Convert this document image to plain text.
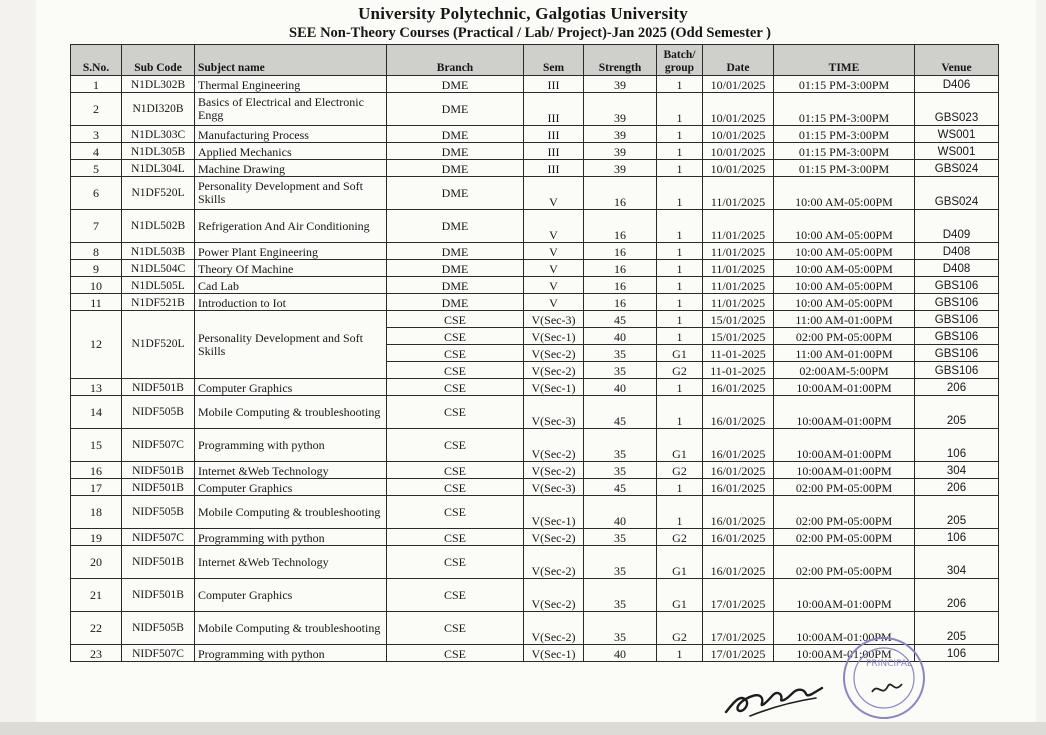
University Polytechnic, Galgotias University
SEE Non-Theory Courses (Practical / Lab/ Project)-Jan 2025 (Odd Semester )
S.No.	Sub Code	Subject name	Branch	Sem	Strength	Batch/ group	Date	TIME	Venue
1	N1DL302B	Thermal Engineering	DME	III	39	1	10/01/2025	01:15 PM-3:00PM	D406
2	N1DI320B	Basics of Electrical and Electronic Engg	DME	III	39	1	10/01/2025	01:15 PM-3:00PM	GBS023
3	N1DL303C	Manufacturing Process	DME	III	39	1	10/01/2025	01:15 PM-3:00PM	WS001
4	N1DL305B	Applied Mechanics	DME	III	39	1	10/01/2025	01:15 PM-3:00PM	WS001
5	N1DL304L	Machine Drawing	DME	III	39	1	10/01/2025	01:15 PM-3:00PM	GBS024
6	N1DF520L	Personality Development and Soft Skills	DME	V	16	1	11/01/2025	10:00 AM-05:00PM	GBS024
7	N1DL502B	Refrigeration And Air Conditioning	DME	V	16	1	11/01/2025	10:00 AM-05:00PM	D409
8	N1DL503B	Power Plant Engineering	DME	V	16	1	11/01/2025	10:00 AM-05:00PM	D408
9	N1DL504C	Theory Of Machine	DME	V	16	1	11/01/2025	10:00 AM-05:00PM	D408
10	N1DL505L	Cad Lab	DME	V	16	1	11/01/2025	10:00 AM-05:00PM	GBS106
11	N1DF521B	Introduction to Iot	DME	V	16	1	11/01/2025	10:00 AM-05:00PM	GBS106
12	N1DF520L	Personality Development and Soft Skills	CSE	V(Sec-3)	45	1	15/01/2025	11:00 AM-01:00PM	GBS106
			CSE	V(Sec-1)	40	1	15/01/2025	02:00 PM-05:00PM	GBS106
			CSE	V(Sec-2)	35	G1	11-01-2025	11:00 AM-01:00PM	GBS106
			CSE	V(Sec-2)	35	G2	11-01-2025	02:00AM-5:00PM	GBS106
13	NIDF501B	Computer Graphics	CSE	V(Sec-1)	40	1	16/01/2025	10:00AM-01:00PM	206
14	NIDF505B	Mobile Computing & troubleshooting	CSE	V(Sec-3)	45	1	16/01/2025	10:00AM-01:00PM	205
15	NIDF507C	Programming with python	CSE	V(Sec-2)	35	G1	16/01/2025	10:00AM-01:00PM	106
16	NIDF501B	Internet &Web Technology	CSE	V(Sec-2)	35	G2	16/01/2025	10:00AM-01:00PM	304
17	NIDF501B	Computer Graphics	CSE	V(Sec-3)	45	1	16/01/2025	02:00 PM-05:00PM	206
18	NIDF505B	Mobile Computing & troubleshooting	CSE	V(Sec-1)	40	1	16/01/2025	02:00 PM-05:00PM	205
19	NIDF507C	Programming with python	CSE	V(Sec-2)	35	G2	16/01/2025	02:00 PM-05:00PM	106
20	NIDF501B	Internet &Web Technology	CSE	V(Sec-2)	35	G1	16/01/2025	02:00 PM-05:00PM	304
21	NIDF501B	Computer Graphics	CSE	V(Sec-2)	35	G1	17/01/2025	10:00AM-01:00PM	206
22	NIDF505B	Mobile Computing & troubleshooting	CSE	V(Sec-2)	35	G2	17/01/2025	10:00AM-01:00PM	205
23	NIDF507C	Programming with python	CSE	V(Sec-1)	40	1	17/01/2025	10:00AM-01:00PM	106
PRINCIPAL
